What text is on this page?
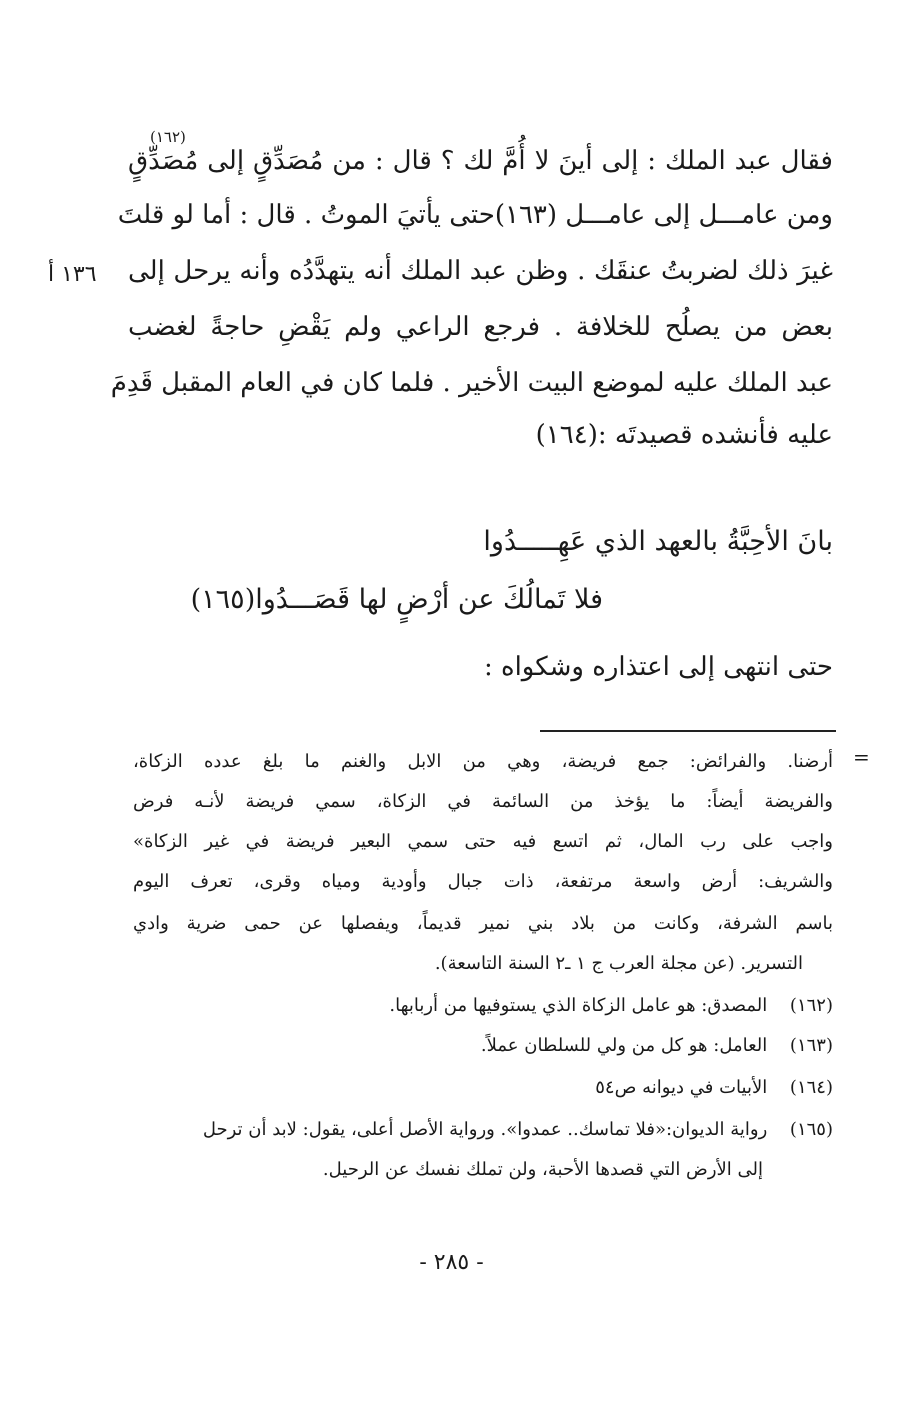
(١٦٢)
فقال عبد الملك : إلى أينَ لا أُمَّ لك ؟ قال : من مُصَدِّقٍ إلى مُصَدِّقٍ
ومن عامـــل إلى عامـــل (١٦٣)حتى يأتيَ الموتُ . قال : أما لو قلتَ
غيرَ ذلك لضربتُ عنقَك . وظن عبد الملك أنه يتهدَّدُه وأنه يرحل إلى
بعض من يصلُح للخلافة . فرجع الراعي ولم يَقْضِ حاجةً لغضب
عبد الملك عليه لموضع البيت الأخير . فلما كان في العام المقبل قَدِمَ
عليه فأنشده قصيدتَه :(١٦٤)
١٣٦ أ
بانَ الأحِبَّةُ بالعهد الذي عَهِـــــدُوا
فلا تَمالُكَ عن أرْضٍ لها قَصَـــدُوا(١٦٥)
حتى انتهى إلى اعتذاره وشكواه :
=
أرضنا. والفرائض: جمع فريضة، وهي من الابل والغنم ما بلغ عدده الزكاة،
والفريضة أيضاً: ما يؤخذ من السائمة في الزكاة، سمي فريضة لأنـه فرض
واجب على رب المال، ثم اتسع فيه حتى سمي البعير فريضة في غير الزكاة»
والشريف: أرض واسعة مرتفعة، ذات جبال وأودية ومياه وقرى، تعرف اليوم
باسم الشرفة، وكانت من بلاد بني نمير قديماً، ويفصلها عن حمى ضرية وادي
التسرير. (عن مجلة العرب ج ١ ـ٢ السنة التاسعة).
(١٦٢) المصدق: هو عامل الزكاة الذي يستوفيها من أربابها.
(١٦٣) العامل: هو كل من ولي للسلطان عملاً.
(١٦٤) الأبيات في ديوانه ص٥٤
(١٦٥) رواية الديوان:«فلا تماسك.. عمدوا». ورواية الأصل أعلى، يقول: لابد أن ترحل
إلى الأرض التي قصدها الأحبة، ولن تملك نفسك عن الرحيل.
- ٢٨٥ -
